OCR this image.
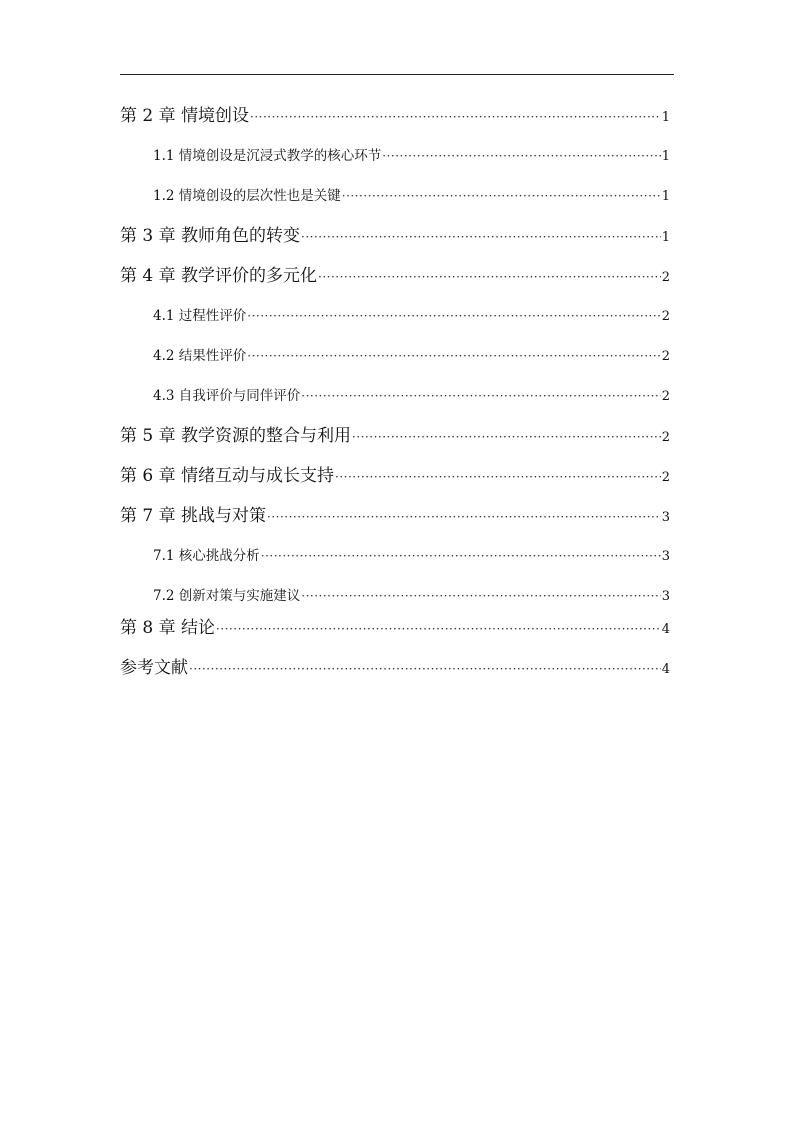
第 2 章 情境创设 ·····	1
1.1 情境创设是沉浸式教学的核心环节 ·····	1
1.2 情境创设的层次性也是关键 ·····	1
第 3 章 教师角色的转变 ·····	1
第 4 章 教学评价的多元化 ·····	2
4.1 过程性评价 ·····	2
4.2 结果性评价 ·····	2
4.3 自我评价与同伴评价 ·····	2
第 5 章 教学资源的整合与利用 ·····	2
第 6 章 情绪互动与成长支持 ·····	2
第 7 章 挑战与对策 ·····	3
7.1 核心挑战分析 ·····	3
7.2 创新对策与实施建议 ·····	3
第 8 章 结论 ·····	4
参考文献 ·····	4
